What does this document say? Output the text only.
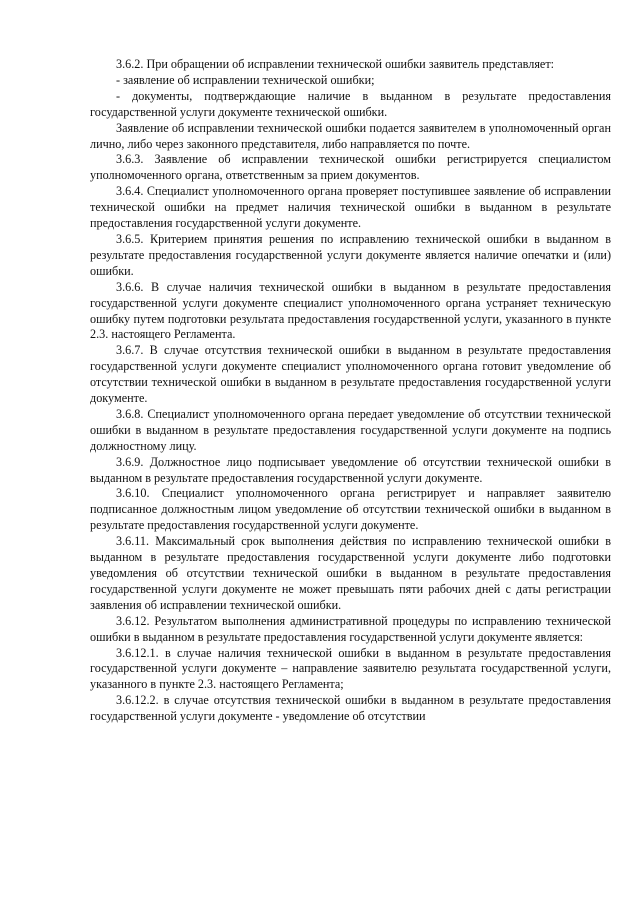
3.6.2. При обращении об исправлении технической ошибки заявитель представляет:

- заявление об исправлении технической ошибки;

- документы, подтверждающие наличие в выданном в результате предоставления государственной услуги документе технической ошибки.

Заявление об исправлении технической ошибки подается заявителем в уполномоченный орган лично, либо через законного представителя, либо направляется по почте.

3.6.3. Заявление об исправлении технической ошибки регистрируется специалистом уполномоченного органа, ответственным за прием документов.

3.6.4. Специалист уполномоченного органа проверяет поступившее заявление об исправлении технической ошибки на предмет наличия технической ошибки в выданном в результате предоставления государственной услуги документе.

3.6.5. Критерием принятия решения по исправлению технической ошибки в выданном в результате предоставления государственной услуги документе является наличие опечатки и (или) ошибки.

3.6.6. В случае наличия технической ошибки в выданном в результате предоставления государственной услуги документе специалист уполномоченного органа устраняет техническую ошибку путем подготовки результата предоставления государственной услуги, указанного в пункте 2.3. настоящего Регламента.

3.6.7. В случае отсутствия технической ошибки в выданном в результате предоставления государственной услуги документе специалист уполномоченного органа готовит уведомление об отсутствии технической ошибки в выданном в результате предоставления государственной услуги документе.

3.6.8. Специалист уполномоченного органа передает уведомление об отсутствии технической ошибки в выданном в результате предоставления государственной услуги документе на подпись должностному лицу.

3.6.9. Должностное лицо подписывает уведомление об отсутствии технической ошибки в выданном в результате предоставления государственной услуги документе.

3.6.10. Специалист уполномоченного органа регистрирует и направляет заявителю подписанное должностным лицом уведомление об отсутствии технической ошибки в выданном в результате предоставления государственной услуги документе.

3.6.11. Максимальный срок выполнения действия по исправлению технической ошибки в выданном в результате предоставления государственной услуги документе либо подготовки уведомления об отсутствии технической ошибки в выданном в результате предоставления государственной услуги документе не может превышать пяти рабочих дней с даты регистрации заявления об исправлении технической ошибки.

3.6.12. Результатом выполнения административной процедуры по исправлению технической ошибки в выданном в результате предоставления государственной услуги документе является:

3.6.12.1. в случае наличия технической ошибки в выданном в результате предоставления государственной услуги документе – направление заявителю результата государственной услуги, указанного в пункте 2.3. настоящего Регламента;

3.6.12.2. в случае отсутствия технической ошибки в выданном в результате предоставления государственной услуги документе - уведомление об отсутствии
